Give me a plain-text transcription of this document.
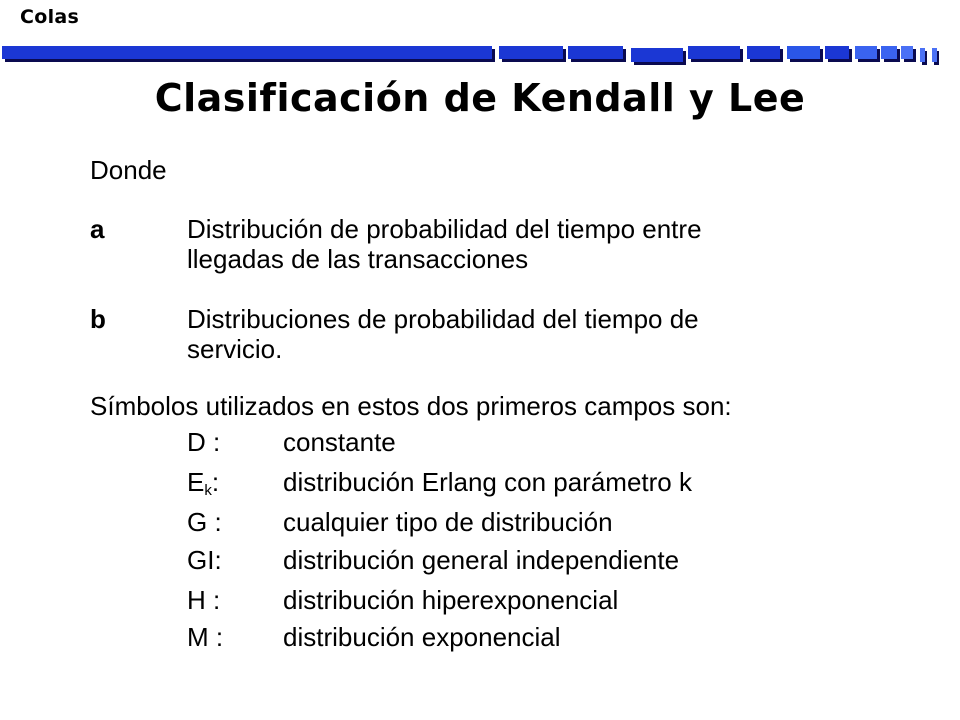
Colas
Clasificación de Kendall y Lee
Donde
a	Distribución de probabilidad del tiempo entre
llegadas de las transacciones
b	Distribuciones de probabilidad del tiempo de
servicio.
Símbolos utilizados en estos dos primeros campos son:
D : constante
$E_k$: distribución Erlang con parámetro k
G : cualquier tipo de distribución
GI: distribución general independiente
H : distribución hiperexponencial
M : distribución exponencial
